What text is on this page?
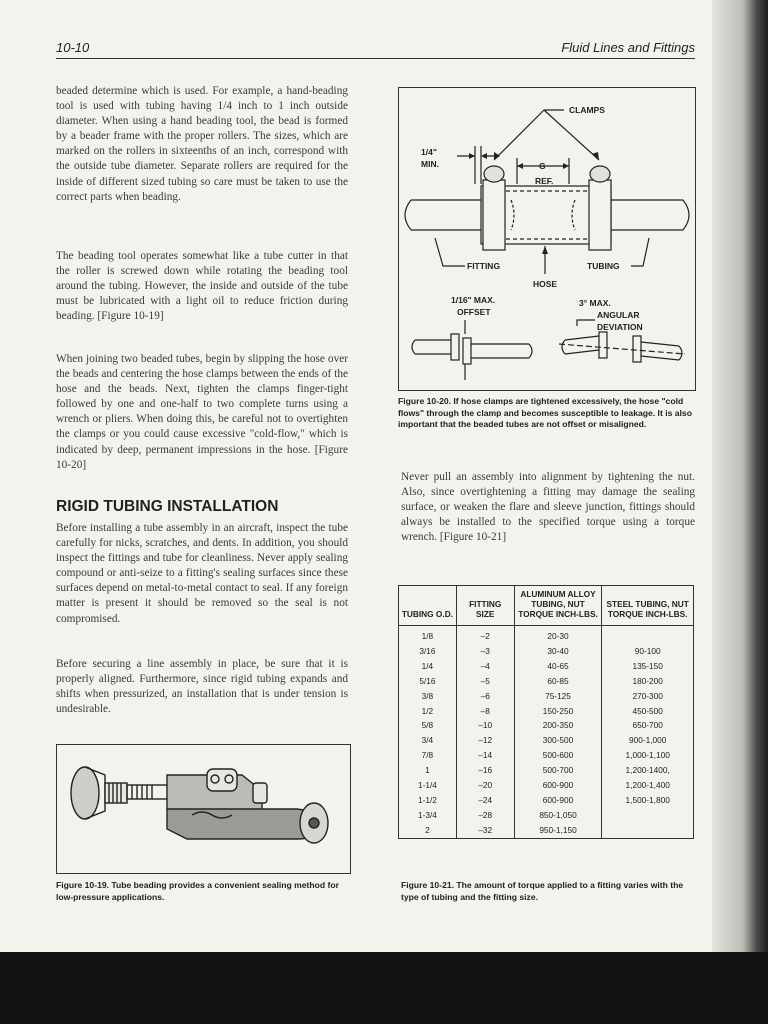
10-10	Fluid Lines and Fittings

beaded determine which is used. For example, a hand-beading tool is used with tubing having 1/4 inch to 1 inch outside diameter. When using a hand beading tool, the bead is formed by a beader frame with the proper rollers. The sizes, which are marked on the rollers in sixteenths of an inch, correspond with the outside tube diameter. Separate rollers are required for the inside of different sized tubing so care must be taken to use the correct parts when beading.

The beading tool operates somewhat like a tube cutter in that the roller is screwed down while rotating the beading tool around the tubing. However, the inside and outside of the tube must be lubricated with a light oil to reduce friction during beading. [Figure 10-19]

When joining two beaded tubes, begin by slipping the hose over the beads and centering the hose clamps between the ends of the hose and the beads. Next, tighten the clamps finger-tight followed by one and one-half to two complete turns using a wrench or pliers. When doing this, be careful not to overtighten the clamps or you could cause excessive "cold-flow," which is indicated by deep, permanent impressions in the hose. [Figure 10-20]

RIGID TUBING INSTALLATION

Before installing a tube assembly in an aircraft, inspect the tube carefully for nicks, scratches, and dents. In addition, you should inspect the fittings and tube for cleanliness. Never apply sealing compound or anti-seize to a fitting's sealing surfaces since these surfaces depend on metal-to-metal contact to seal. If any foreign matter is present it should be removed so the seal is not compromised.

Before securing a line assembly in place, be sure that it is properly aligned. Furthermore, since rigid tubing expands and shifts when pressurized, an installation that is under tension is undesirable.

Figure 10-19. Tube beading provides a convenient sealing method for low-pressure applications.

CLAMPS
1/4"
MIN.	G
REF.
FITTING	TUBING
HOSE
1/16" MAX.
OFFSET
3° MAX.
ANGULAR
DEVIATION

Figure 10-20. If hose clamps are tightened excessively, the hose "cold flows" through the clamp and becomes susceptible to leakage. It is also important that the beaded tubes are not offset or misaligned.

Never pull an assembly into alignment by tightening the nut. Also, since overtightening a fitting may damage the sealing surface, or weaken the flare and sleeve junction, fittings should always be installed to the specified torque using a torque wrench. [Figure 10-21]

TUBING O.D.	FITTING SIZE	ALUMINUM ALLOY TUBING, NUT TORQUE INCH-LBS.	STEEL TUBING, NUT TORQUE INCH-LBS.
1/8	–2	20-30	
3/16	–3	30-40	90-100
1/4	–4	40-65	135-150
5/16	–5	60-85	180-200
3/8	–6	75-125	270-300
1/2	–8	150-250	450-500
5/8	–10	200-350	650-700
3/4	–12	300-500	900-1,000
7/8	–14	500-600	1,000-1,100
1	–16	500-700	1,200-1400,
1-1/4	–20	600-900	1,200-1,400
1-1/2	–24	600-900	1,500-1,800
1-3/4	–28	850-1,050	
2	–32	950-1,150	

Figure 10-21. The amount of torque applied to a fitting varies with the type of tubing and the fitting size.
